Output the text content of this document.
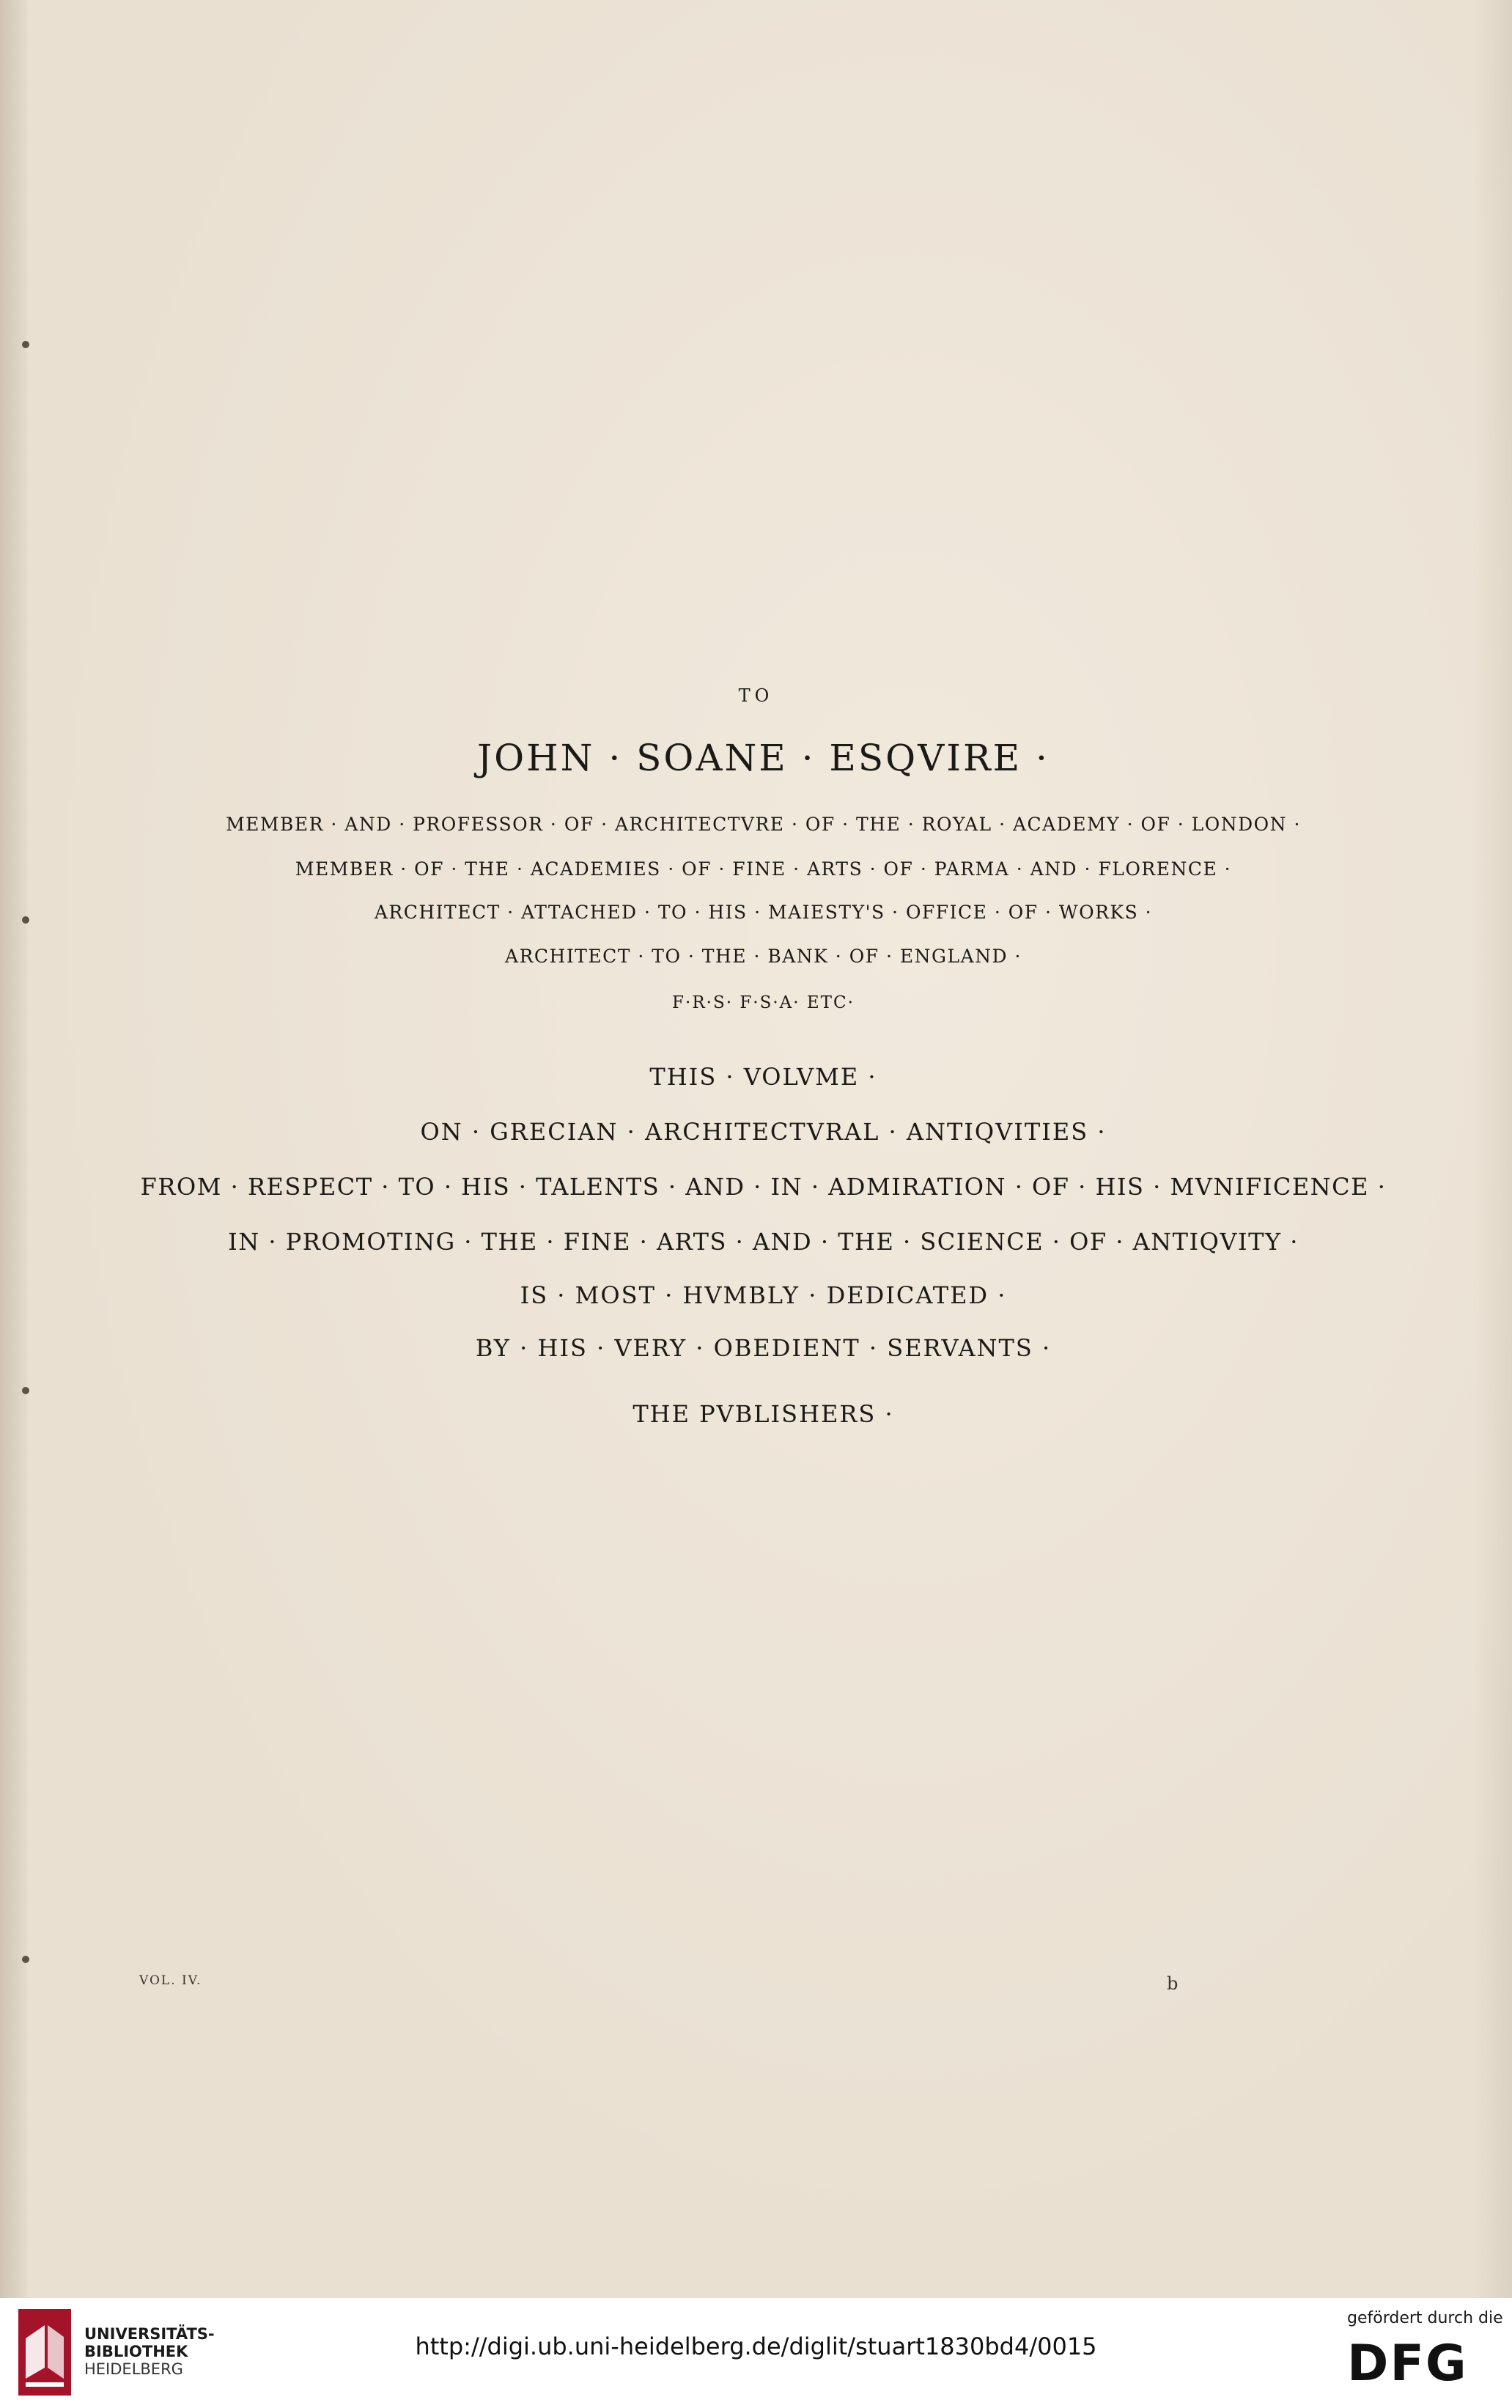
TO
JOHN · SOANE · ESQVIRE ·
MEMBER · AND · PROFESSOR · OF · ARCHITECTVRE · OF · THE · ROYAL · ACADEMY · OF · LONDON ·
MEMBER · OF · THE · ACADEMIES · OF · FINE · ARTS · OF · PARMA · AND · FLORENCE ·
ARCHITECT · ATTACHED · TO · HIS · MAIESTY'S · OFFICE · OF · WORKS ·
ARCHITECT · TO · THE · BANK · OF · ENGLAND ·
F·R·S· F·S·A· ETC·
THIS · VOLVME ·
ON · GRECIAN · ARCHITECTVRAL · ANTIQVITIES ·
FROM · RESPECT · TO · HIS · TALENTS · AND · IN · ADMIRATION · OF · HIS · MVNIFICENCE ·
IN · PROMOTING · THE · FINE · ARTS · AND · THE · SCIENCE · OF · ANTIQVITY ·
IS · MOST · HVMBLY · DEDICATED ·
BY · HIS · VERY · OBEDIENT · SERVANTS ·
THE PVBLISHERS ·
VOL. IV.	b
UNIVERSITÄTS-
BIBLIOTHEK
HEIDELBERG
http://digi.ub.uni-heidelberg.de/diglit/stuart1830bd4/0015
gefördert durch die
DFG
